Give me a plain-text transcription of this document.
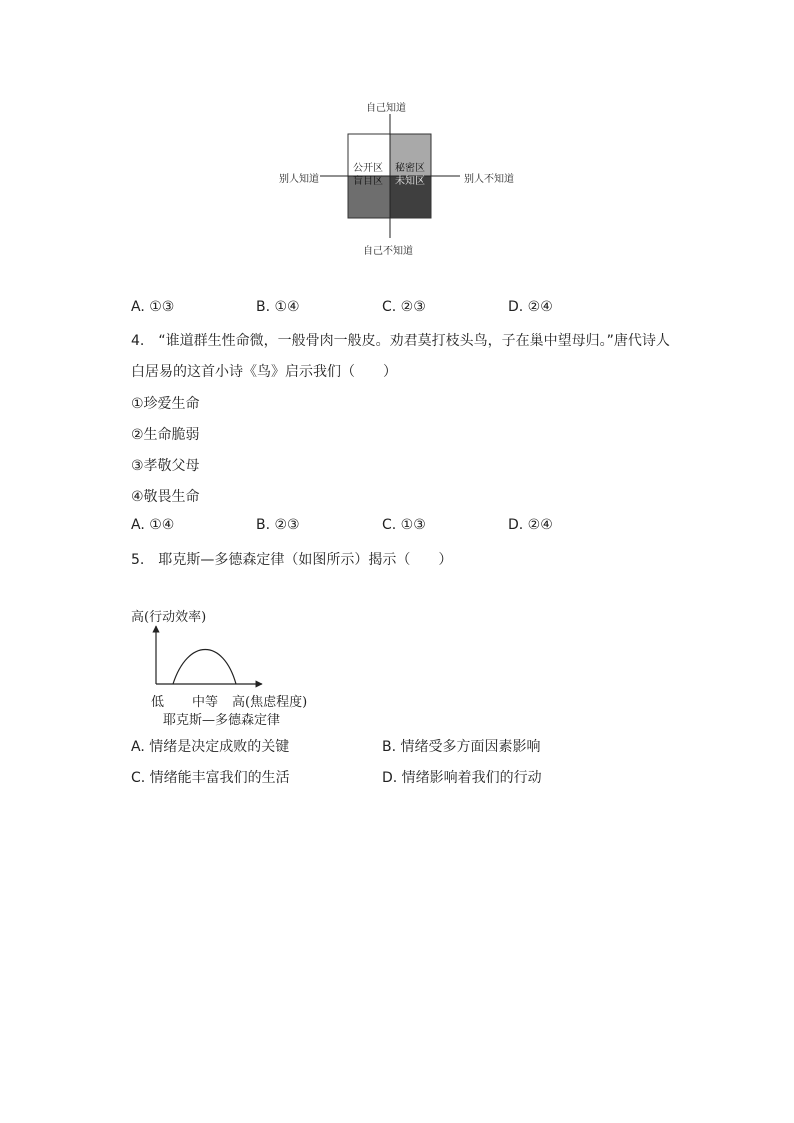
自己知道
别人知道	别人不知道
自己不知道
公开区 秘密区
盲目区 未知区
A. ①③	B. ①④	C. ②③	D. ②④
4.　“谁道群生性命微，一般骨肉一般皮。劝君莫打枝头鸟，子在巢中望母归。”唐代诗人
白居易的这首小诗《鸟》启示我们（　　）
①珍爱生命
②生命脆弱
③孝敬父母
④敬畏生命
A. ①④	B. ②③	C. ①③	D. ②④
5.　耶克斯—多德森定律（如图所示）揭示（　　）
高(行动效率)
低 中等 高(焦虑程度)
耶克斯—多德森定律
A. 情绪是决定成败的关键	B. 情绪受多方面因素影响
C. 情绪能丰富我们的生活	D. 情绪影响着我们的行动
